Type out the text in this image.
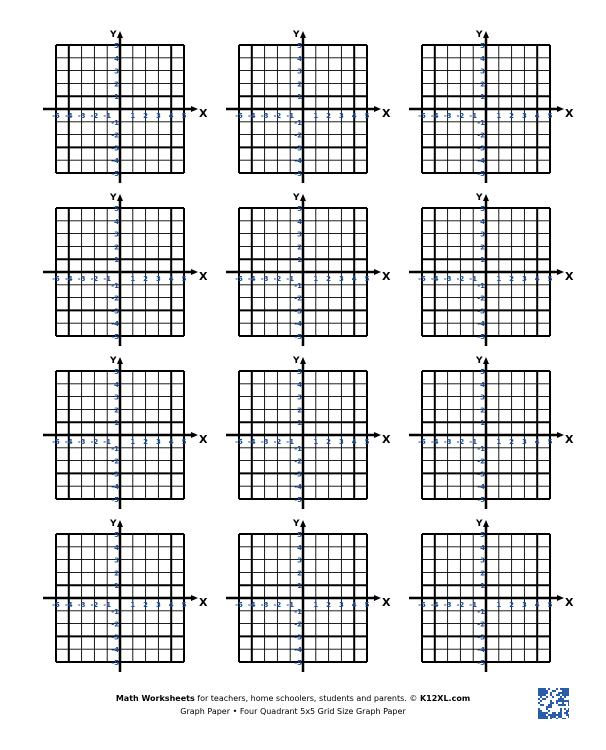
X
Y
-5 -4 -3 -2 -1	1 2 3 4 5
5
4
3
2
1
-1
-2
-3
-4
-5
X
Y
-5 -4 -3 -2 -1	1 2 3 4 5
5
4
3
2
1
-1
-2
-3
-4
-5
X
Y
-5 -4 -3 -2 -1	1 2 3 4 5
5
4
3
2
1
-1
-2
-3
-4
-5
X
Y
-5 -4 -3 -2 -1	1 2 3 4 5
5
4
3
2
1
-1
-2
-3
-4
-5
X
Y
-5 -4 -3 -2 -1	1 2 3 4 5
5
4
3
2
1
-1
-2
-3
-4
-5
X
Y
-5 -4 -3 -2 -1	1 2 3 4 5
5
4
3
2
1
-1
-2
-3
-4
-5
X
Y
-5 -4 -3 -2 -1	1 2 3 4 5
5
4
3
2
1
-1
-2
-3
-4
-5
X
Y
-5 -4 -3 -2 -1	1 2 3 4 5
5
4
3
2
1
-1
-2
-3
-4
-5
X
Y
-5 -4 -3 -2 -1	1 2 3 4 5
5
4
3
2
1
-1
-2
-3
-4
-5
X
Y
-5 -4 -3 -2 -1	1 2 3 4 5
5
4
3
2
1
-1
-2
-3
-4
-5
X
Y
-5 -4 -3 -2 -1	1 2 3 4 5
5
4
3
2
1
-1
-2
-3
-4
-5
X
Y
-5 -4 -3 -2 -1	1 2 3 4 5
5
4
3
2
1
-1
-2
-3
-4
-5
Math Worksheets for teachers, home schoolers, students and parents. © K12XL.com
Graph Paper • Four Quadrant 5x5 Grid Size Graph Paper
